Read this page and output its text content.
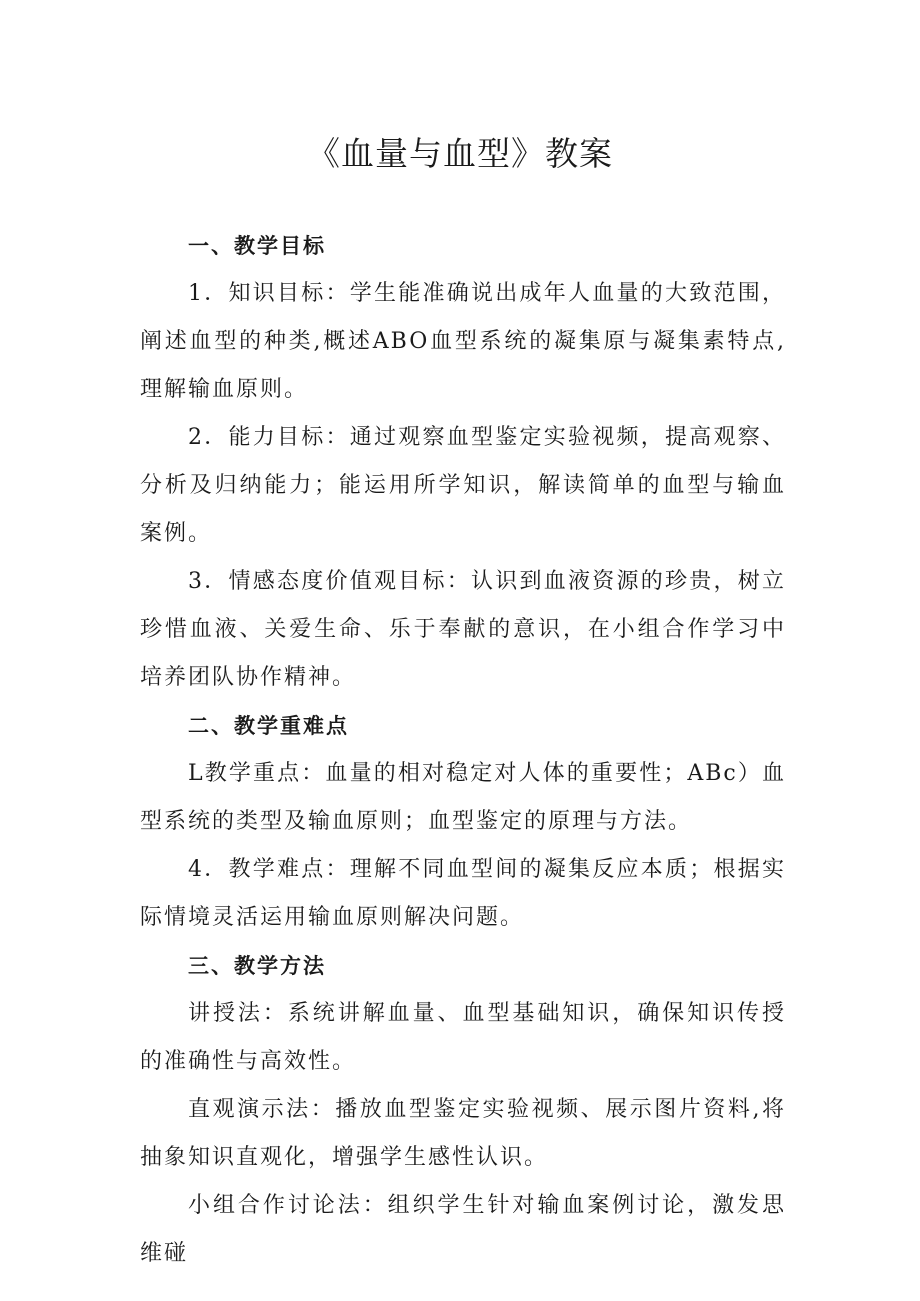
《血量与血型》教案
一、教学目标

1．知识目标：学生能准确说出成年人血量的大致范围，阐述血型的种类,概述ABO血型系统的凝集原与凝集素特点,理解输血原则。

2．能力目标：通过观察血型鉴定实验视频，提高观察、分析及归纳能力；能运用所学知识，解读简单的血型与输血案例。

3．情感态度价值观目标：认识到血液资源的珍贵，树立珍惜血液、关爱生命、乐于奉献的意识，在小组合作学习中培养团队协作精神。

二、教学重难点

L教学重点：血量的相对稳定对人体的重要性；ABc）血型系统的类型及输血原则；血型鉴定的原理与方法。

4．教学难点：理解不同血型间的凝集反应本质；根据实际情境灵活运用输血原则解决问题。

三、教学方法

讲授法：系统讲解血量、血型基础知识，确保知识传授的准确性与高效性。

直观演示法：播放血型鉴定实验视频、展示图片资料,将抽象知识直观化，增强学生感性认识。

小组合作讨论法：组织学生针对输血案例讨论，激发思维碰
